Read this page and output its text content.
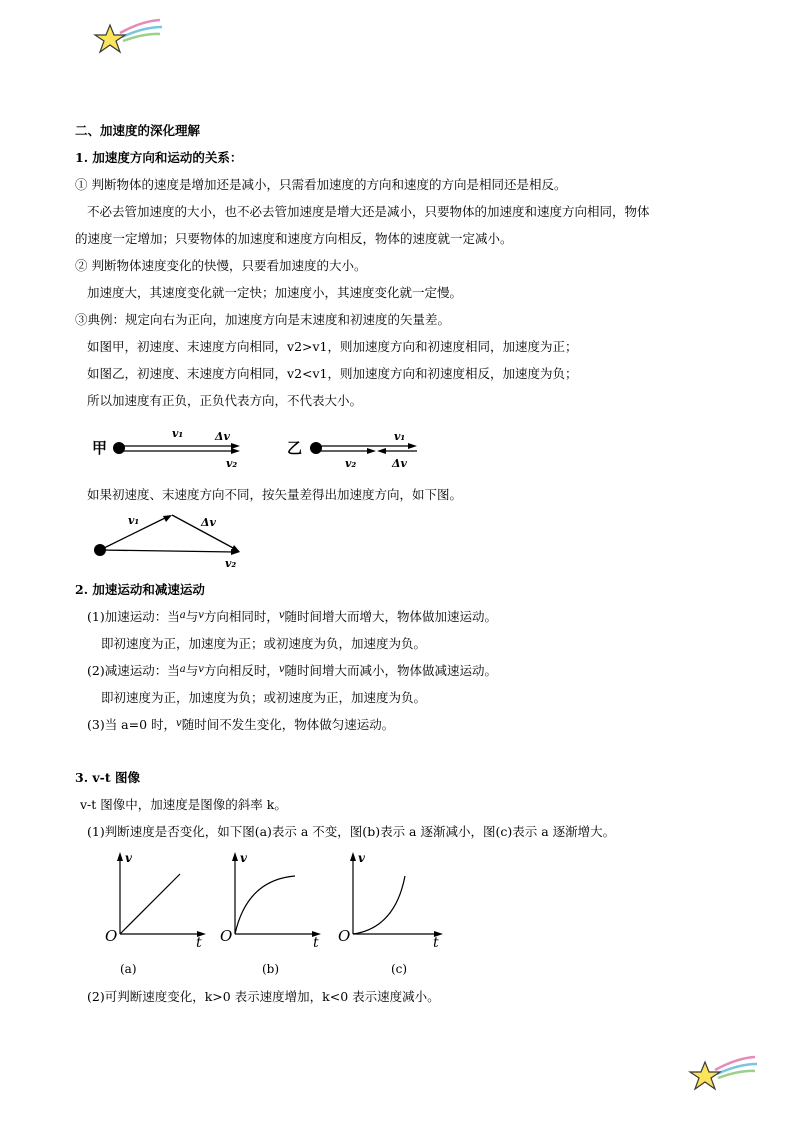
二、加速度的深化理解
1. 加速度方向和运动的关系：
① 判断物体的速度是增加还是减小，只需看加速度的方向和速度的方向是相同还是相反。
不必去管加速度的大小，也不必去管加速度是增大还是减小，只要物体的加速度和速度方向相同，物体
的速度一定增加；只要物体的加速度和速度方向相反，物体的速度就一定减小。
② 判断物体速度变化的快慢，只要看加速度的大小。
加速度大，其速度变化就一定快；加速度小，其速度变化就一定慢。
③典例：规定向右为正向，加速度方向是末速度和初速度的矢量差。
如图甲，初速度、末速度方向相同，v2>v1，则加速度方向和初速度相同，加速度为正；
如图乙，初速度、末速度方向相同，v2<v1，则加速度方向和初速度相反，加速度为负；
所以加速度有正负，正负代表方向，不代表大小。
甲
v₁	Δv
v₂
乙
v₁
v₂	Δv
如果初速度、末速度方向不同，按矢量差得出加速度方向，如下图。
v₁	Δv
v₂
2. 加速运动和减速运动
(1)加速运动：当$^a$与$^v$方向相同时，$^v$随时间增大而增大，物体做加速运动。
即初速度为正，加速度为正；或初速度为负，加速度为负。
(2)减速运动：当$^a$与$^v$方向相反时，$^v$随时间增大而减小，物体做减速运动。
即初速度为正，加速度为负；或初速度为正，加速度为负。
(3)当 a=0 时，$^v$随时间不发生变化，物体做匀速运动。
3. v-t 图像
v-t 图像中，加速度是图像的斜率 k。
(1)判断速度是否变化，如下图(a)表示 a 不变，图(b)表示 a 逐渐减小，图(c)表示 a 逐渐增大。
v
O	t
v
O	t
v
O	t
(a)	(b)	(c)
(2)可判断速度变化，k>0 表示速度增加，k<0 表示速度减小。
